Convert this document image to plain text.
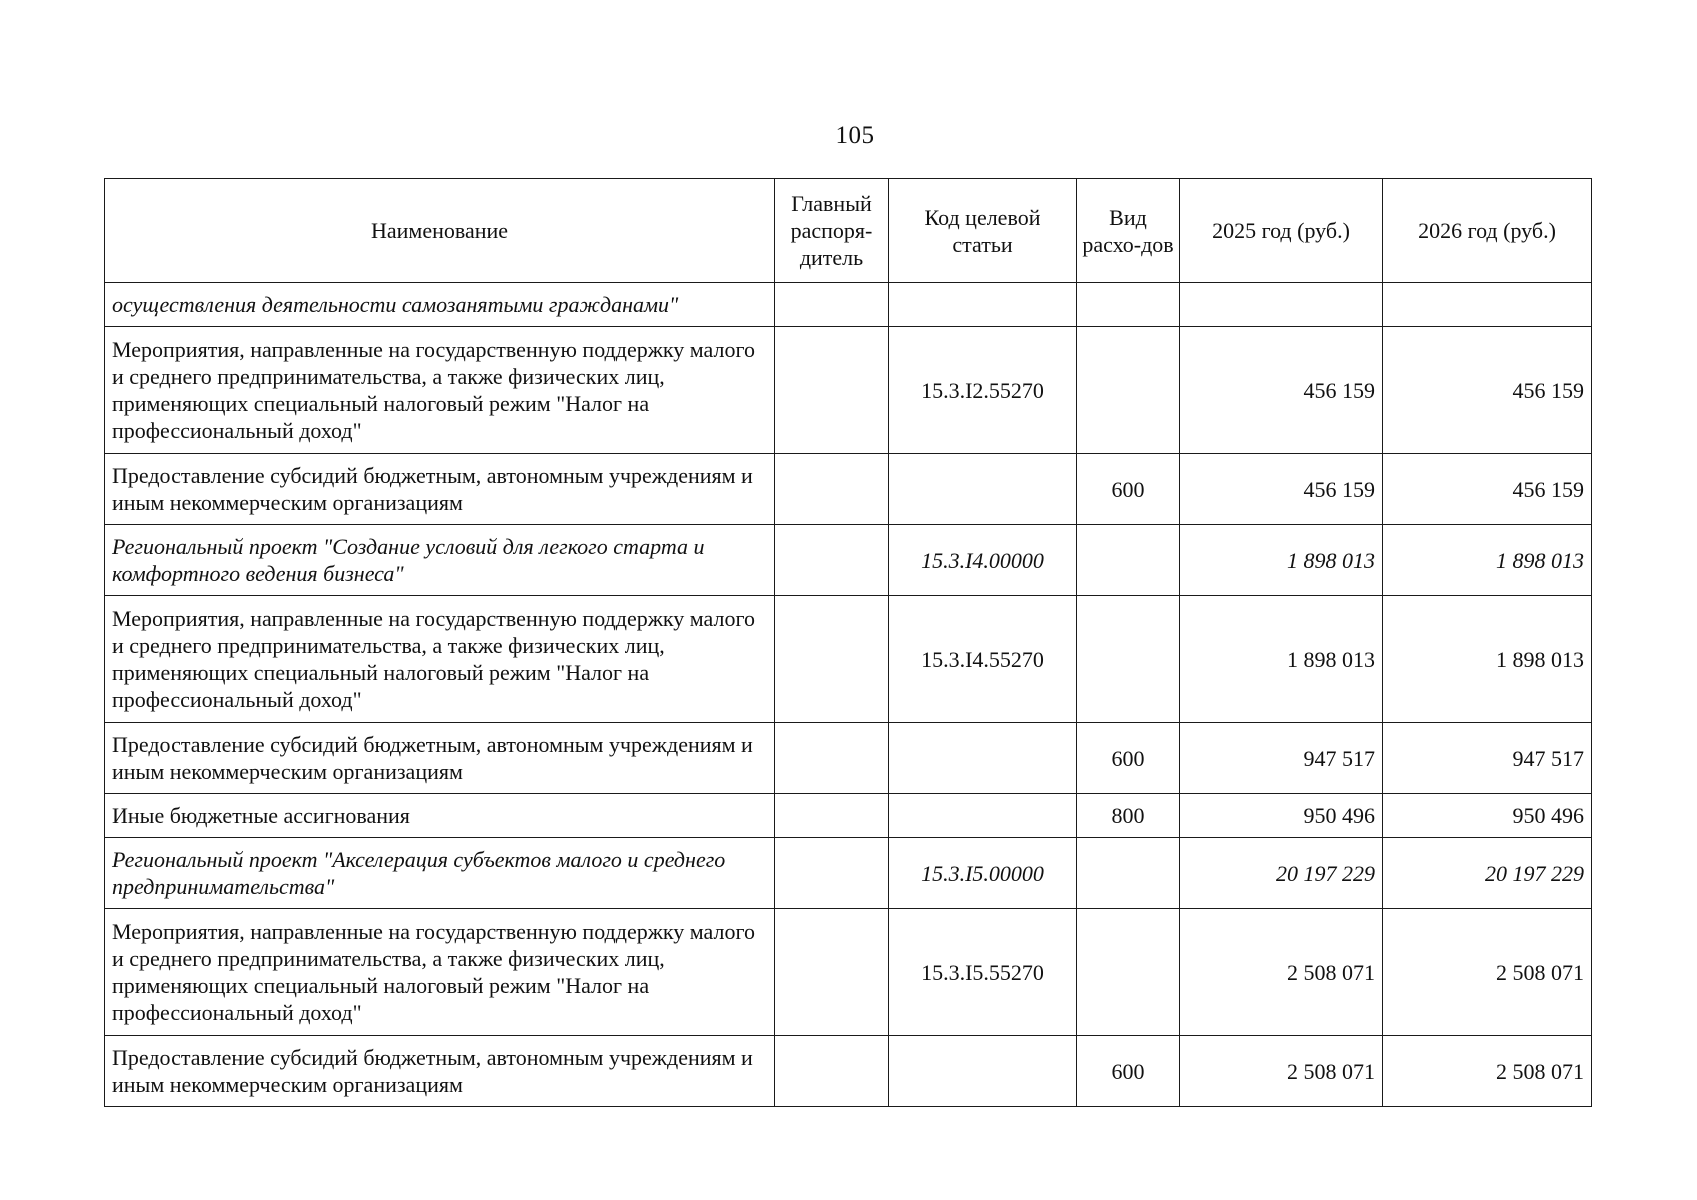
105
Наименование	Главный распоря-дитель	Код целевой статьи	Вид расхо-дов	2025 год (руб.)	2026 год (руб.)
осуществления деятельности самозанятыми гражданами"					
Мероприятия, направленные на государственную поддержку малого и среднего предпринимательства, а также физических лиц, применяющих специальный налоговый режим "Налог на профессиональный доход"		15.3.I2.55270		456 159	456 159
Предоставление субсидий бюджетным, автономным учреждениям и иным некоммерческим организациям			600	456 159	456 159
Региональный проект "Создание условий для легкого старта и комфортного ведения бизнеса"		15.3.I4.00000		1 898 013	1 898 013
Мероприятия, направленные на государственную поддержку малого и среднего предпринимательства, а также физических лиц, применяющих специальный налоговый режим "Налог на профессиональный доход"		15.3.I4.55270		1 898 013	1 898 013
Предоставление субсидий бюджетным, автономным учреждениям и иным некоммерческим организациям			600	947 517	947 517
Иные бюджетные ассигнования			800	950 496	950 496
Региональный проект "Акселерация субъектов малого и среднего предпринимательства"		15.3.I5.00000		20 197 229	20 197 229
Мероприятия, направленные на государственную поддержку малого и среднего предпринимательства, а также физических лиц, применяющих специальный налоговый режим "Налог на профессиональный доход"		15.3.I5.55270		2 508 071	2 508 071
Предоставление субсидий бюджетным, автономным учреждениям и иным некоммерческим организациям			600	2 508 071	2 508 071
